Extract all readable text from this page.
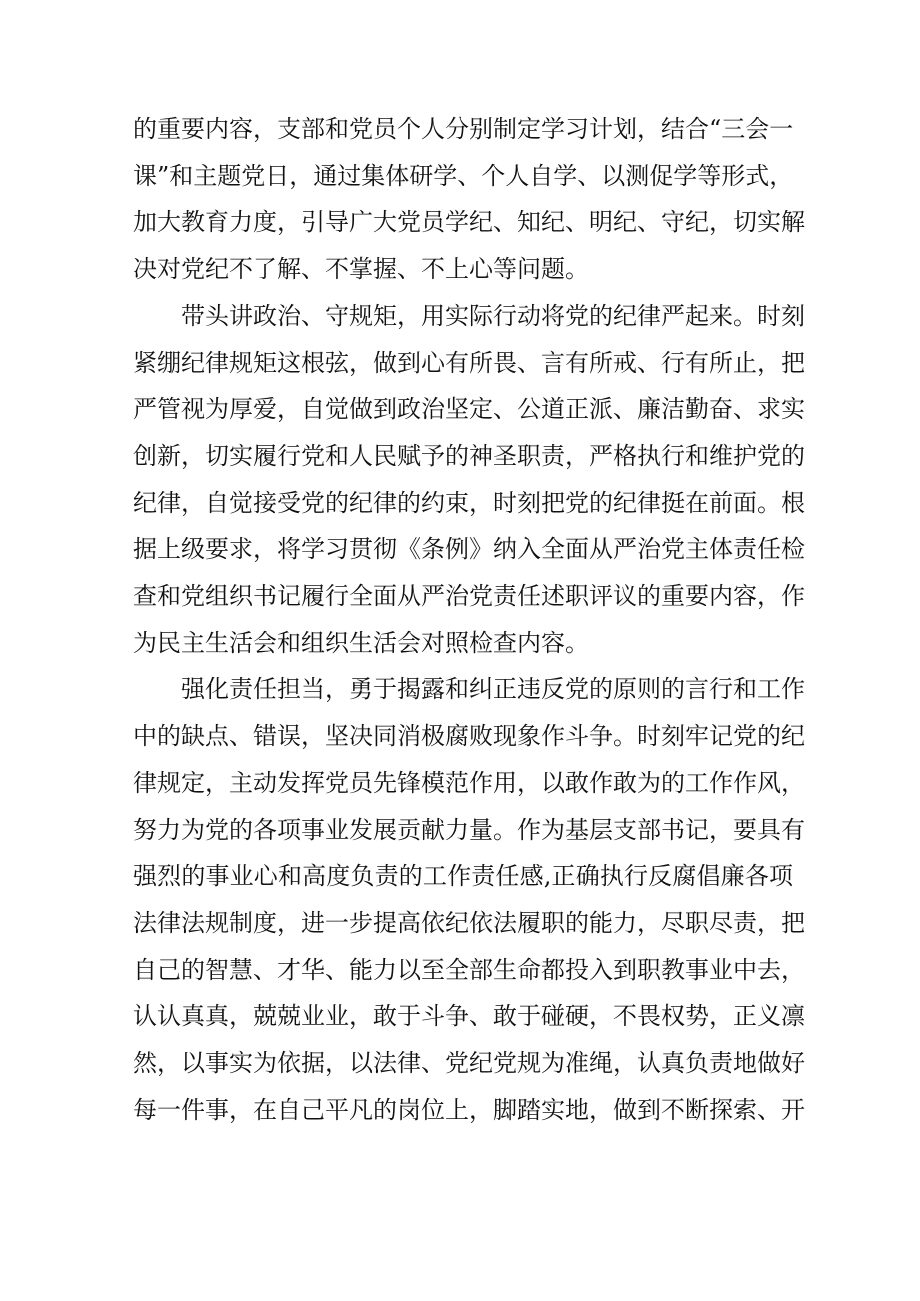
的重要内容，支部和党员个人分别制定学习计划，结合“三会一
课”和主题党日，通过集体研学、个人自学、以测促学等形式，
加大教育力度，引导广大党员学纪、知纪、明纪、守纪，切实解
决对党纪不了解、不掌握、不上心等问题。
带头讲政治、守规矩，用实际行动将党的纪律严起来。时刻
紧绷纪律规矩这根弦，做到心有所畏、言有所戒、行有所止，把
严管视为厚爱，自觉做到政治坚定、公道正派、廉洁勤奋、求实
创新，切实履行党和人民赋予的神圣职责，严格执行和维护党的
纪律，自觉接受党的纪律的约束，时刻把党的纪律挺在前面。根
据上级要求，将学习贯彻《条例》纳入全面从严治党主体责任检
查和党组织书记履行全面从严治党责任述职评议的重要内容，作
为民主生活会和组织生活会对照检查内容。
强化责任担当，勇于揭露和纠正违反党的原则的言行和工作
中的缺点、错误，坚决同消极腐败现象作斗争。时刻牢记党的纪
律规定，主动发挥党员先锋模范作用，以敢作敢为的工作作风，
努力为党的各项事业发展贡献力量。作为基层支部书记，要具有
强烈的事业心和高度负责的工作责任感,正确执行反腐倡廉各项
法律法规制度，进一步提高依纪依法履职的能力，尽职尽责，把
自己的智慧、才华、能力以至全部生命都投入到职教事业中去，
认认真真，兢兢业业，敢于斗争、敢于碰硬，不畏权势，正义凛
然，以事实为依据，以法律、党纪党规为准绳，认真负责地做好
每一件事，在自己平凡的岗位上，脚踏实地，做到不断探索、开
